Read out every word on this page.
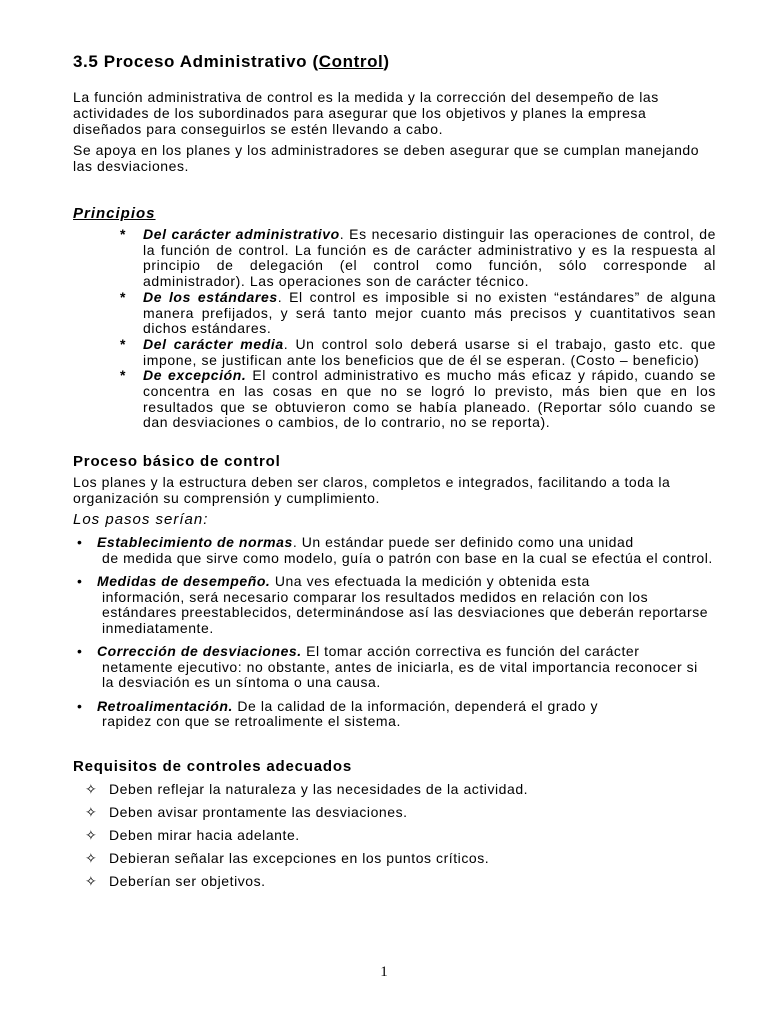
3.5 Proceso Administrativo (Control)

La función administrativa de control es la medida y la corrección del desempeño de las actividades de los subordinados para asegurar que los objetivos y planes la empresa diseñados para conseguirlos se estén llevando a cabo.

Se apoya en los planes y los administradores se deben asegurar que se cumplan manejando las desviaciones.

Principios
* Del carácter administrativo. Es necesario distinguir las operaciones de control, de la función de control. La función es de carácter administrativo y es la respuesta al principio de delegación (el control como función, sólo corresponde al administrador). Las operaciones son de carácter técnico.
* De los estándares. El control es imposible si no existen “estándares” de alguna manera prefijados, y será tanto mejor cuanto más precisos y cuantitativos sean dichos estándares.
* Del carácter media. Un control solo deberá usarse si el trabajo, gasto etc. que impone, se justifican ante los beneficios que de él se esperan. (Costo – beneficio)
* De excepción. El control administrativo es mucho más eficaz y rápido, cuando se concentra en las cosas en que no se logró lo previsto, más bien que en los resultados que se obtuvieron como se había planeado. (Reportar sólo cuando se dan desviaciones o cambios, de lo contrario, no se reporta).
Proceso básico de control

Los planes y la estructura deben ser claros, completos e integrados, facilitando a toda la organización su comprensión y cumplimiento.

Los pasos serían:
• Establecimiento de normas. Un estándar puede ser definido como una unidad
de medida que sirve como modelo, guía o patrón con base en la cual se efectúa el control.
• Medidas de desempeño. Una ves efectuada la medición y obtenida esta
información, será necesario comparar los resultados medidos en relación con los estándares preestablecidos, determinándose así las desviaciones que deberán reportarse inmediatamente.
• Corrección de desviaciones. El tomar acción correctiva es función del carácter
netamente ejecutivo: no obstante, antes de iniciarla, es de vital importancia reconocer si la desviación es un síntoma o una causa.
• Retroalimentación. De la calidad de la información, dependerá el grado y
rapidez con que se retroalimente el sistema.
Requisitos de controles adecuados
✧ Deben reflejar la naturaleza y las necesidades de la actividad.
✧ Deben avisar prontamente las desviaciones.
✧ Deben mirar hacia adelante.
✧ Debieran señalar las excepciones en los puntos críticos.
✧ Deberían ser objetivos.
1
